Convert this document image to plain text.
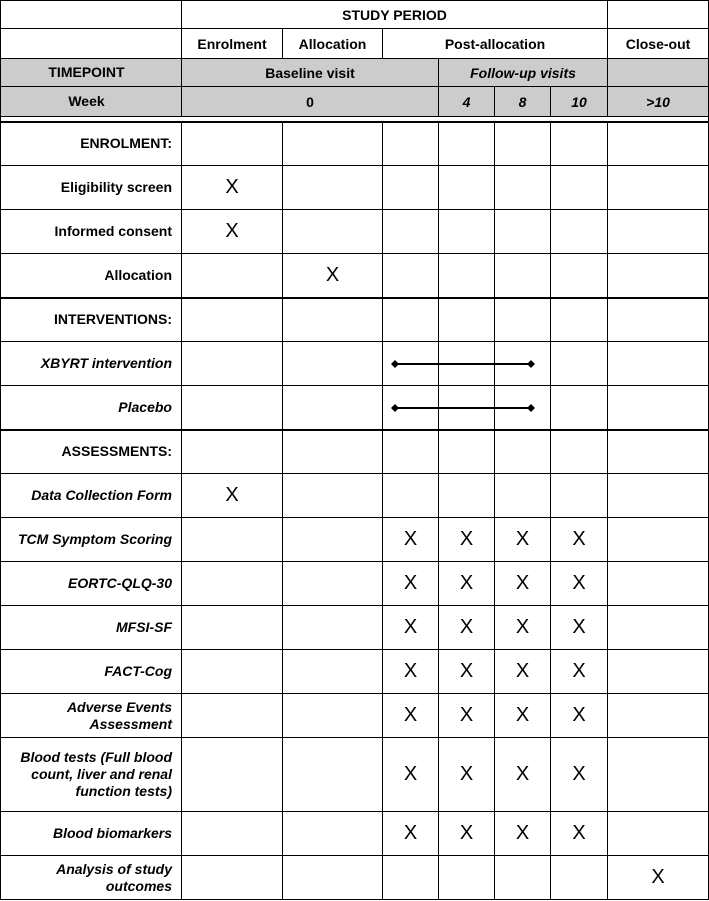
	STUDY PERIOD						
	Enrolment	Allocation	Post-allocation				Close-out
TIMEPOINT	Baseline visit			Follow-up visits			
Week	0			4	8	10	>10

ENROLMENT:							
Eligibility screen	X						
Informed consent	X						
Allocation		X					
INTERVENTIONS:							
XBYRT intervention							
Placebo							
ASSESSMENTS:							
Data Collection Form	X						
TCM Symptom Scoring			X	X	X	X	
EORTC-QLQ-30			X	X	X	X	
MFSI-SF			X	X	X	X	
FACT-Cog			X	X	X	X	
Adverse Events Assessment			X	X	X	X	
Blood tests (Full blood count, liver and renal function tests)			X	X	X	X	
Blood biomarkers			X	X	X	X	
Analysis of study outcomes							X
